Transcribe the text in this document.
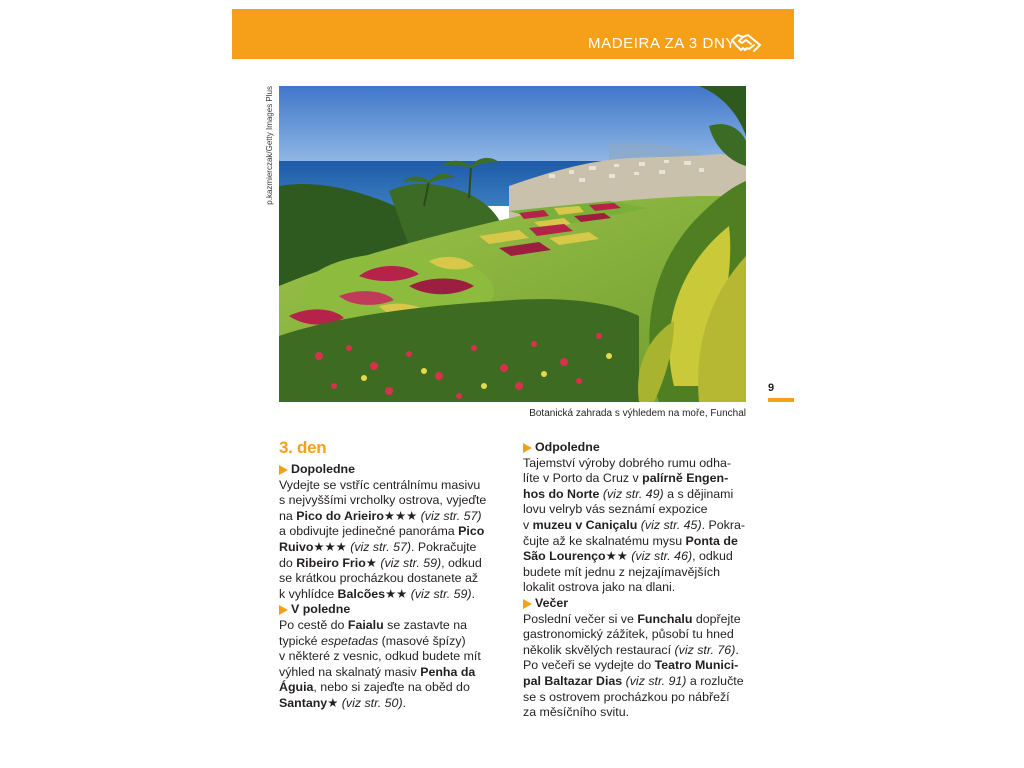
MADEIRA ZA 3 DNY
p.kazmierczak/Getty Images Plus
Botanická zahrada s výhledem na moře, Funchal
9
3. den
Dopoledne

Vydejte se vstříc centrálnímu masivu
s nejvyššími vrcholky ostrova, vyjeďte
na Pico do Arieiro★★★ (viz str. 57)
a obdivujte jedinečné panoráma Pico
Ruivo★★★ (viz str. 57). Pokračujte
do Ribeiro Frio★ (viz str. 59), odkud
se krátkou procházkou dostanete až
k vyhlídce Balcões★★ (viz str. 59).

V poledne

Po cestě do Faialu se zastavte na
typické espetadas (masové špízy)
v některé z vesnic, odkud budete mít
výhled na skalnatý masiv Penha da
Águia, nebo si zajeďte na oběd do
Santany★ (viz str. 50).

Odpoledne

Tajemství výroby dobrého rumu odha-
líte v Porto da Cruz v palírně Engen-
hos do Norte (viz str. 49) a s dějinami
lovu velryb vás seznámí expozice
v muzeu v Caniçalu (viz str. 45). Pokra-
čujte až ke skalnatému mysu Ponta de
São Lourenço★★ (viz str. 46), odkud
budete mít jednu z nejzajímavějších
lokalit ostrova jako na dlani.

Večer

Poslední večer si ve Funchalu dopřejte
gastronomický zážitek, působí tu hned
několik skvělých restaurací (viz str. 76).
Po večeři se vydejte do Teatro Munici-
pal Baltazar Dias (viz str. 91) a rozlučte
se s ostrovem procházkou po nábřeží
za měsíčního svitu.
